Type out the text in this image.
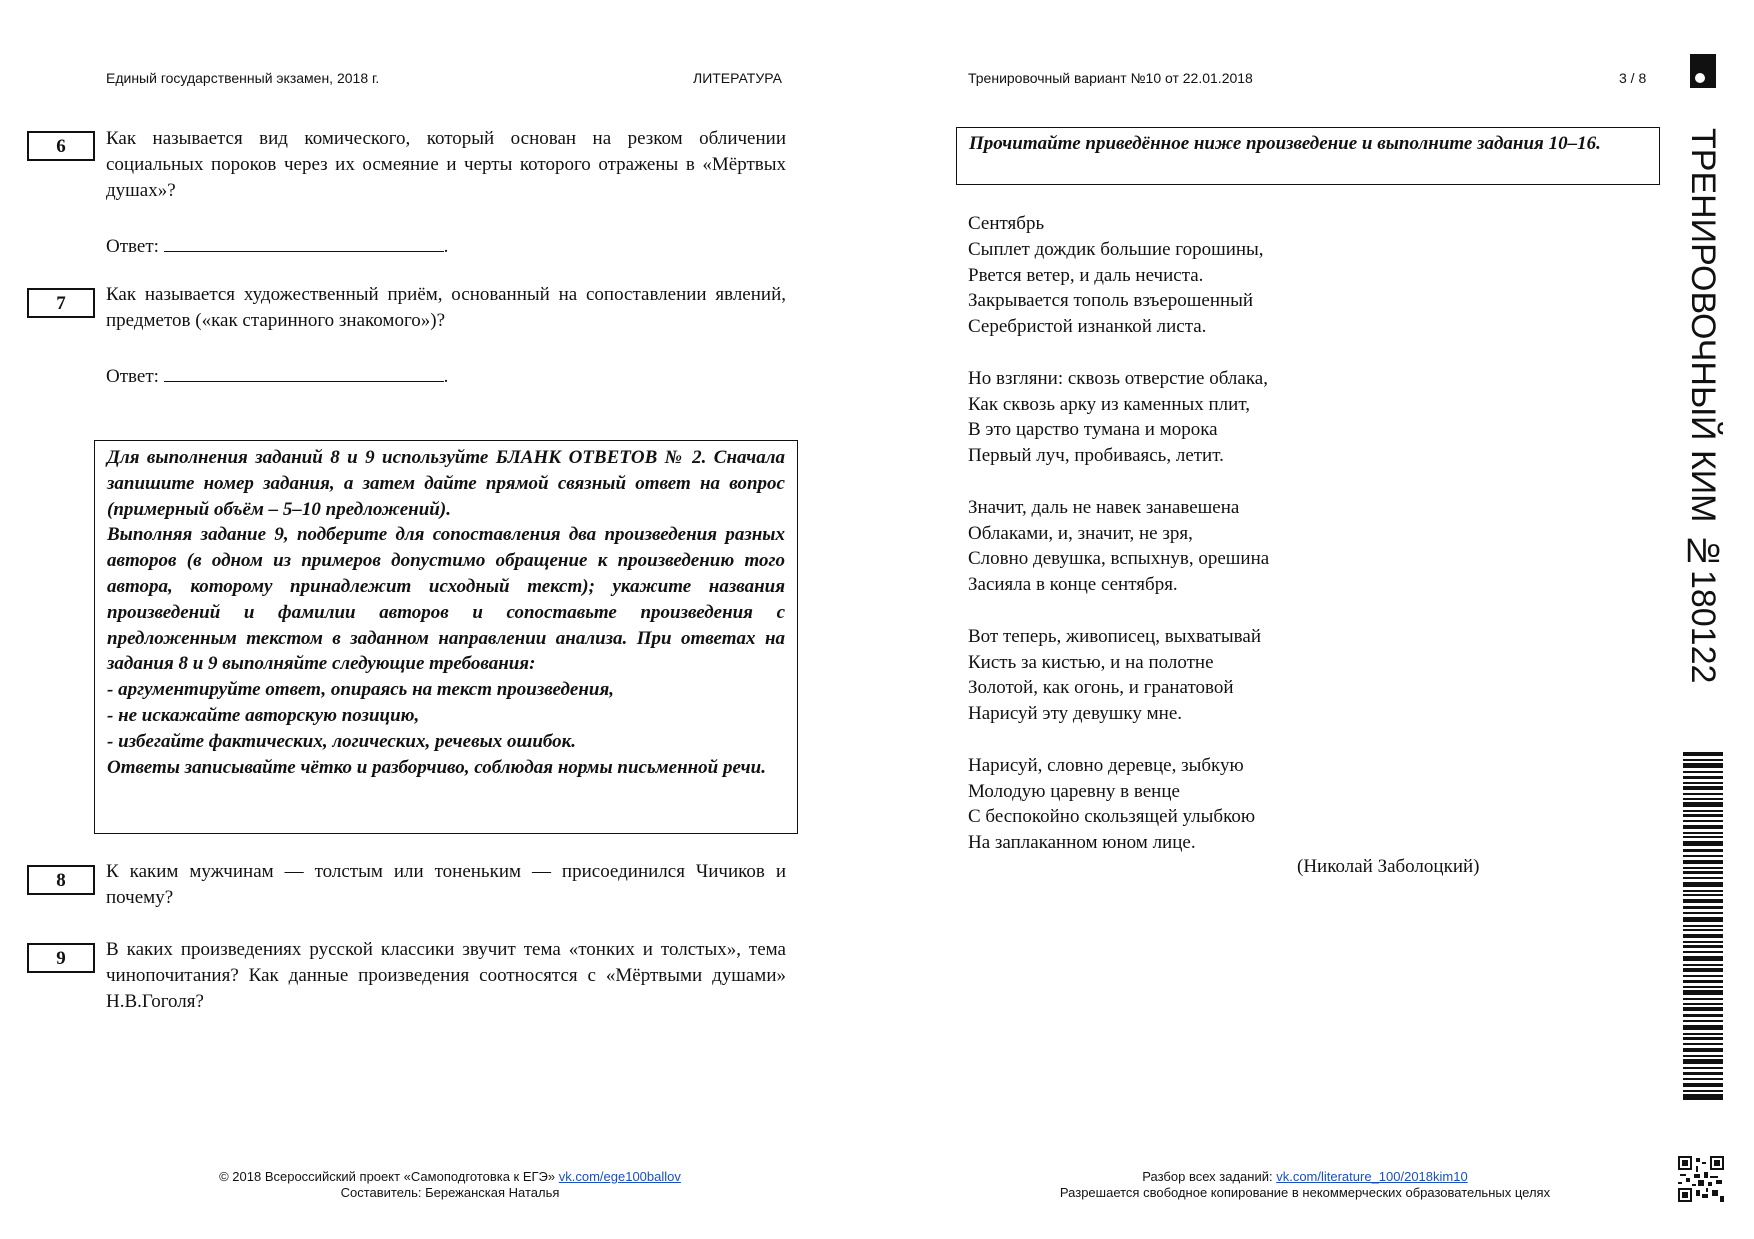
Единый государственный экзамен, 2018 г.	ЛИТЕРАТУРА	Тренировочный вариант №10 от 22.01.2018	3 / 8
6	Как называется вид комического, который основан на резком обличении социальных пороков через их осмеяние и черты которого отражены в «Мёртвых душах»?
Ответ:	.
7	Как называется художественный приём, основанный на сопоставлении явлений, предметов («как старинного знакомого»)?
Ответ:	.

Для выполнения заданий 8 и 9 используйте БЛАНК ОТВЕТОВ № 2. Сначала запишите номер задания, а затем дайте прямой связный ответ на вопрос (примерный объём – 5–10 предложений).

Выполняя задание 9, подберите для сопоставления два произведения разных авторов (в одном из примеров допустимо обращение к произведению того автора, которому принадлежит исходный текст); укажите названия произведений и фамилии авторов и сопоставьте произведения с предложенным текстом в заданном направлении анализа. При ответах на задания 8 и 9 выполняйте следующие требования:

- аргументируйте ответ, опираясь на текст произведения,

- не искажайте авторскую позицию,

- избегайте фактических, логических, речевых ошибок.

Ответы записывайте чётко и разборчиво, соблюдая нормы письменной речи.

8	К каким мужчинам — толстым или тоненьким — присоединился Чичиков и почему?
9	В каких произведениях русской классики звучит тема «тонких и толстых», тема чинопочитания? Как данные произведения соотносятся с «Мёртвыми душами» Н.В.Гоголя?
Прочитайте приведённое ниже произведение и выполните задания 10–16.
Сентябрь
Сыплет дождик большие горошины,
Рвется ветер, и даль нечиста.
Закрывается тополь взъерошенный
Серебристой изнанкой листа.
Но взгляни: сквозь отверстие облака,
Как сквозь арку из каменных плит,
В это царство тумана и морока
Первый луч, пробиваясь, летит.
Значит, даль не навек занавешена
Облаками, и, значит, не зря,
Словно девушка, вспыхнув, орешина
Засияла в конце сентября.
Вот теперь, живописец, выхватывай
Кисть за кистью, и на полотне
Золотой, как огонь, и гранатовой
Нарисуй эту девушку мне.
Нарисуй, словно деревце, зыбкую
Молодую царевну в венце
С беспокойно скользящей улыбкою
На заплаканном юном лице.
(Николай Заболоцкий)
ТРЕНИРОВОЧНЫЙ КИМ №180122
© 2018 Всероссийский проект «Самоподготовка к ЕГЭ» vk.com/ege100ballov
Составитель: Бережанская Наталья
Разбор всех заданий: vk.com/literature_100/2018kim10
Разрешается свободное копирование в некоммерческих образовательных целях
